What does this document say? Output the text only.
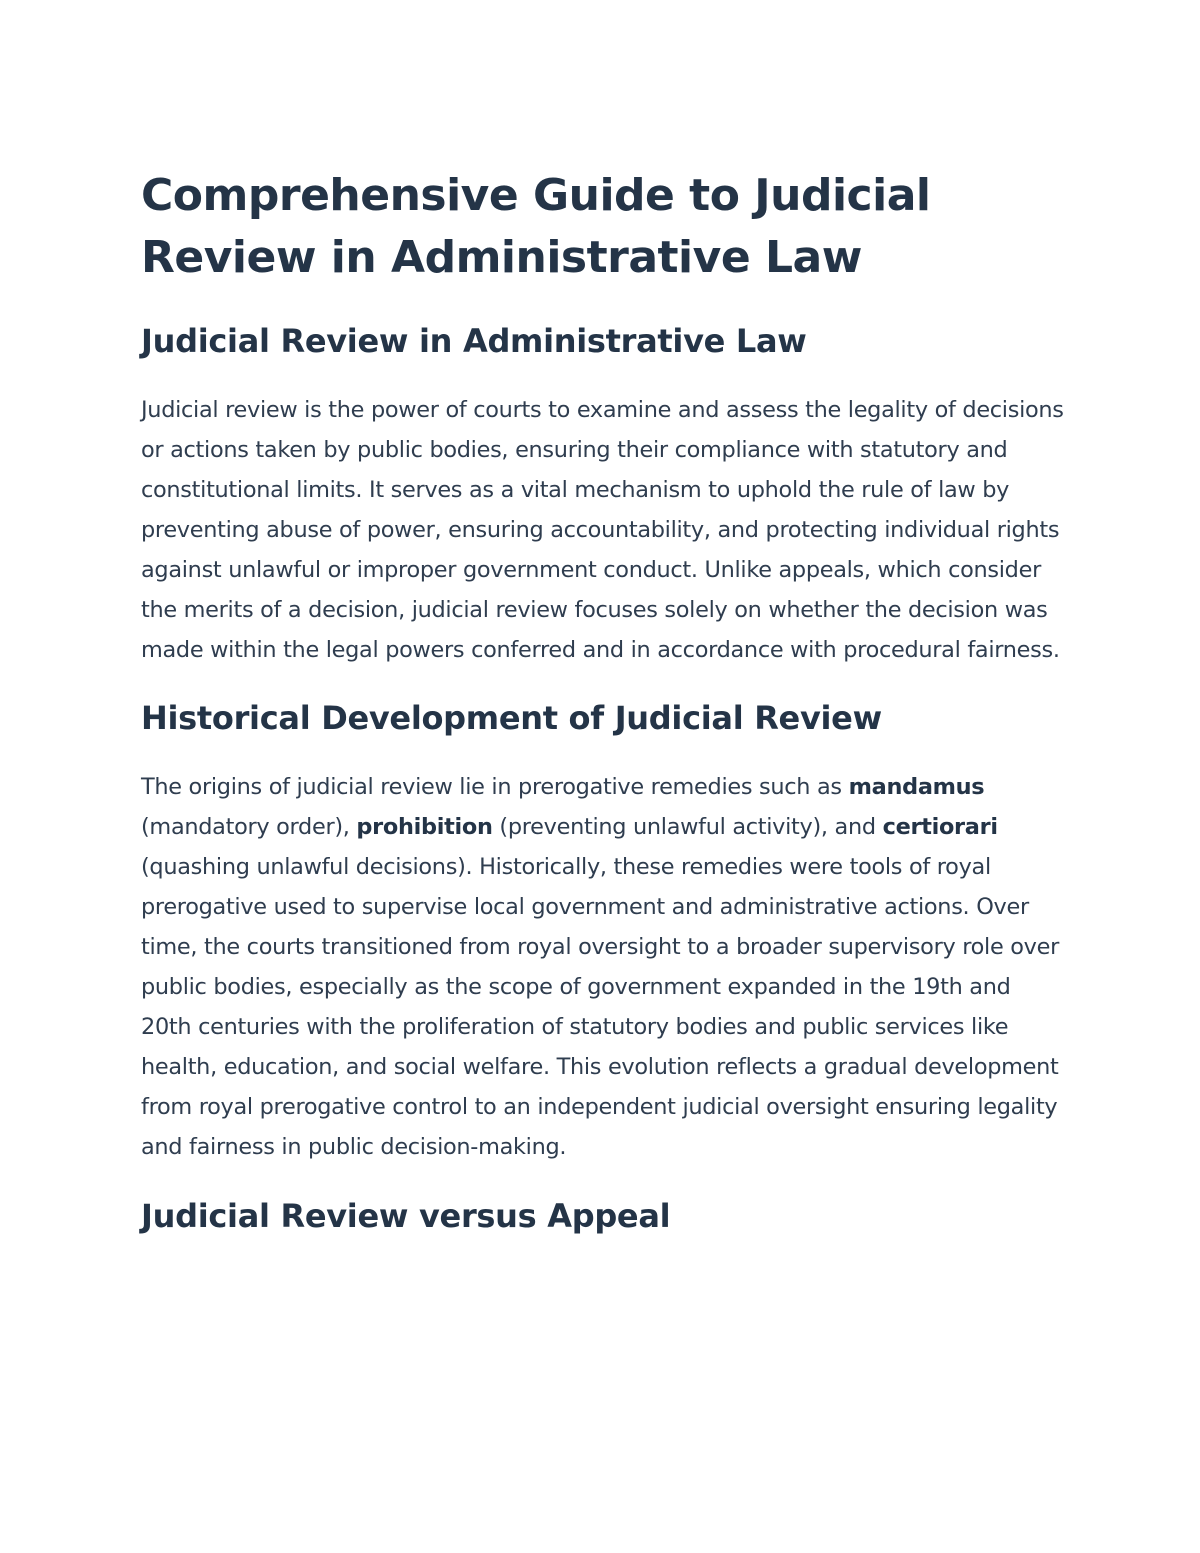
Comprehensive Guide to Judicial Review in Administrative Law
Judicial Review in Administrative Law

Judicial review is the power of courts to examine and assess the legality of decisions or actions taken by public bodies, ensuring their compliance with statutory and constitutional limits. It serves as a vital mechanism to uphold the rule of law by preventing abuse of power, ensuring accountability, and protecting individual rights against unlawful or improper government conduct. Unlike appeals, which consider the merits of a decision, judicial review focuses solely on whether the decision was made within the legal powers conferred and in accordance with procedural fairness.

Historical Development of Judicial Review

The origins of judicial review lie in prerogative remedies such as mandamus (mandatory order), prohibition (preventing unlawful activity), and certiorari (quashing unlawful decisions). Historically, these remedies were tools of royal prerogative used to supervise local government and administrative actions. Over time, the courts transitioned from royal oversight to a broader supervisory role over public bodies, especially as the scope of government expanded in the 19th and 20th centuries with the proliferation of statutory bodies and public services like health, education, and social welfare. This evolution reflects a gradual development from royal prerogative control to an independent judicial oversight ensuring legality and fairness in public decision-making.

Judicial Review versus Appeal
